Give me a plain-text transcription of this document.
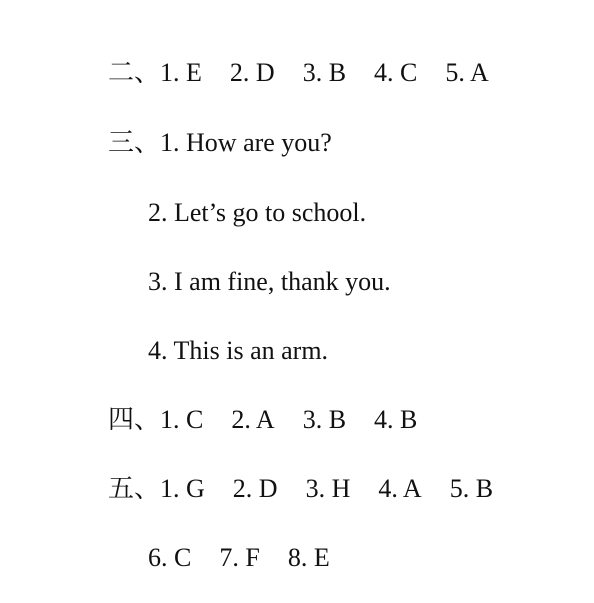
二、1. E 2. D 3. B 4. C 5. A

三、1. How are you?

2. Let’s go to school.

3. I am fine, thank you.

4. This is an arm.

四、1. C 2. A 3. B 4. B

五、1. G 2. D 3. H 4. A 5. B

6. C 7. F 8. E
